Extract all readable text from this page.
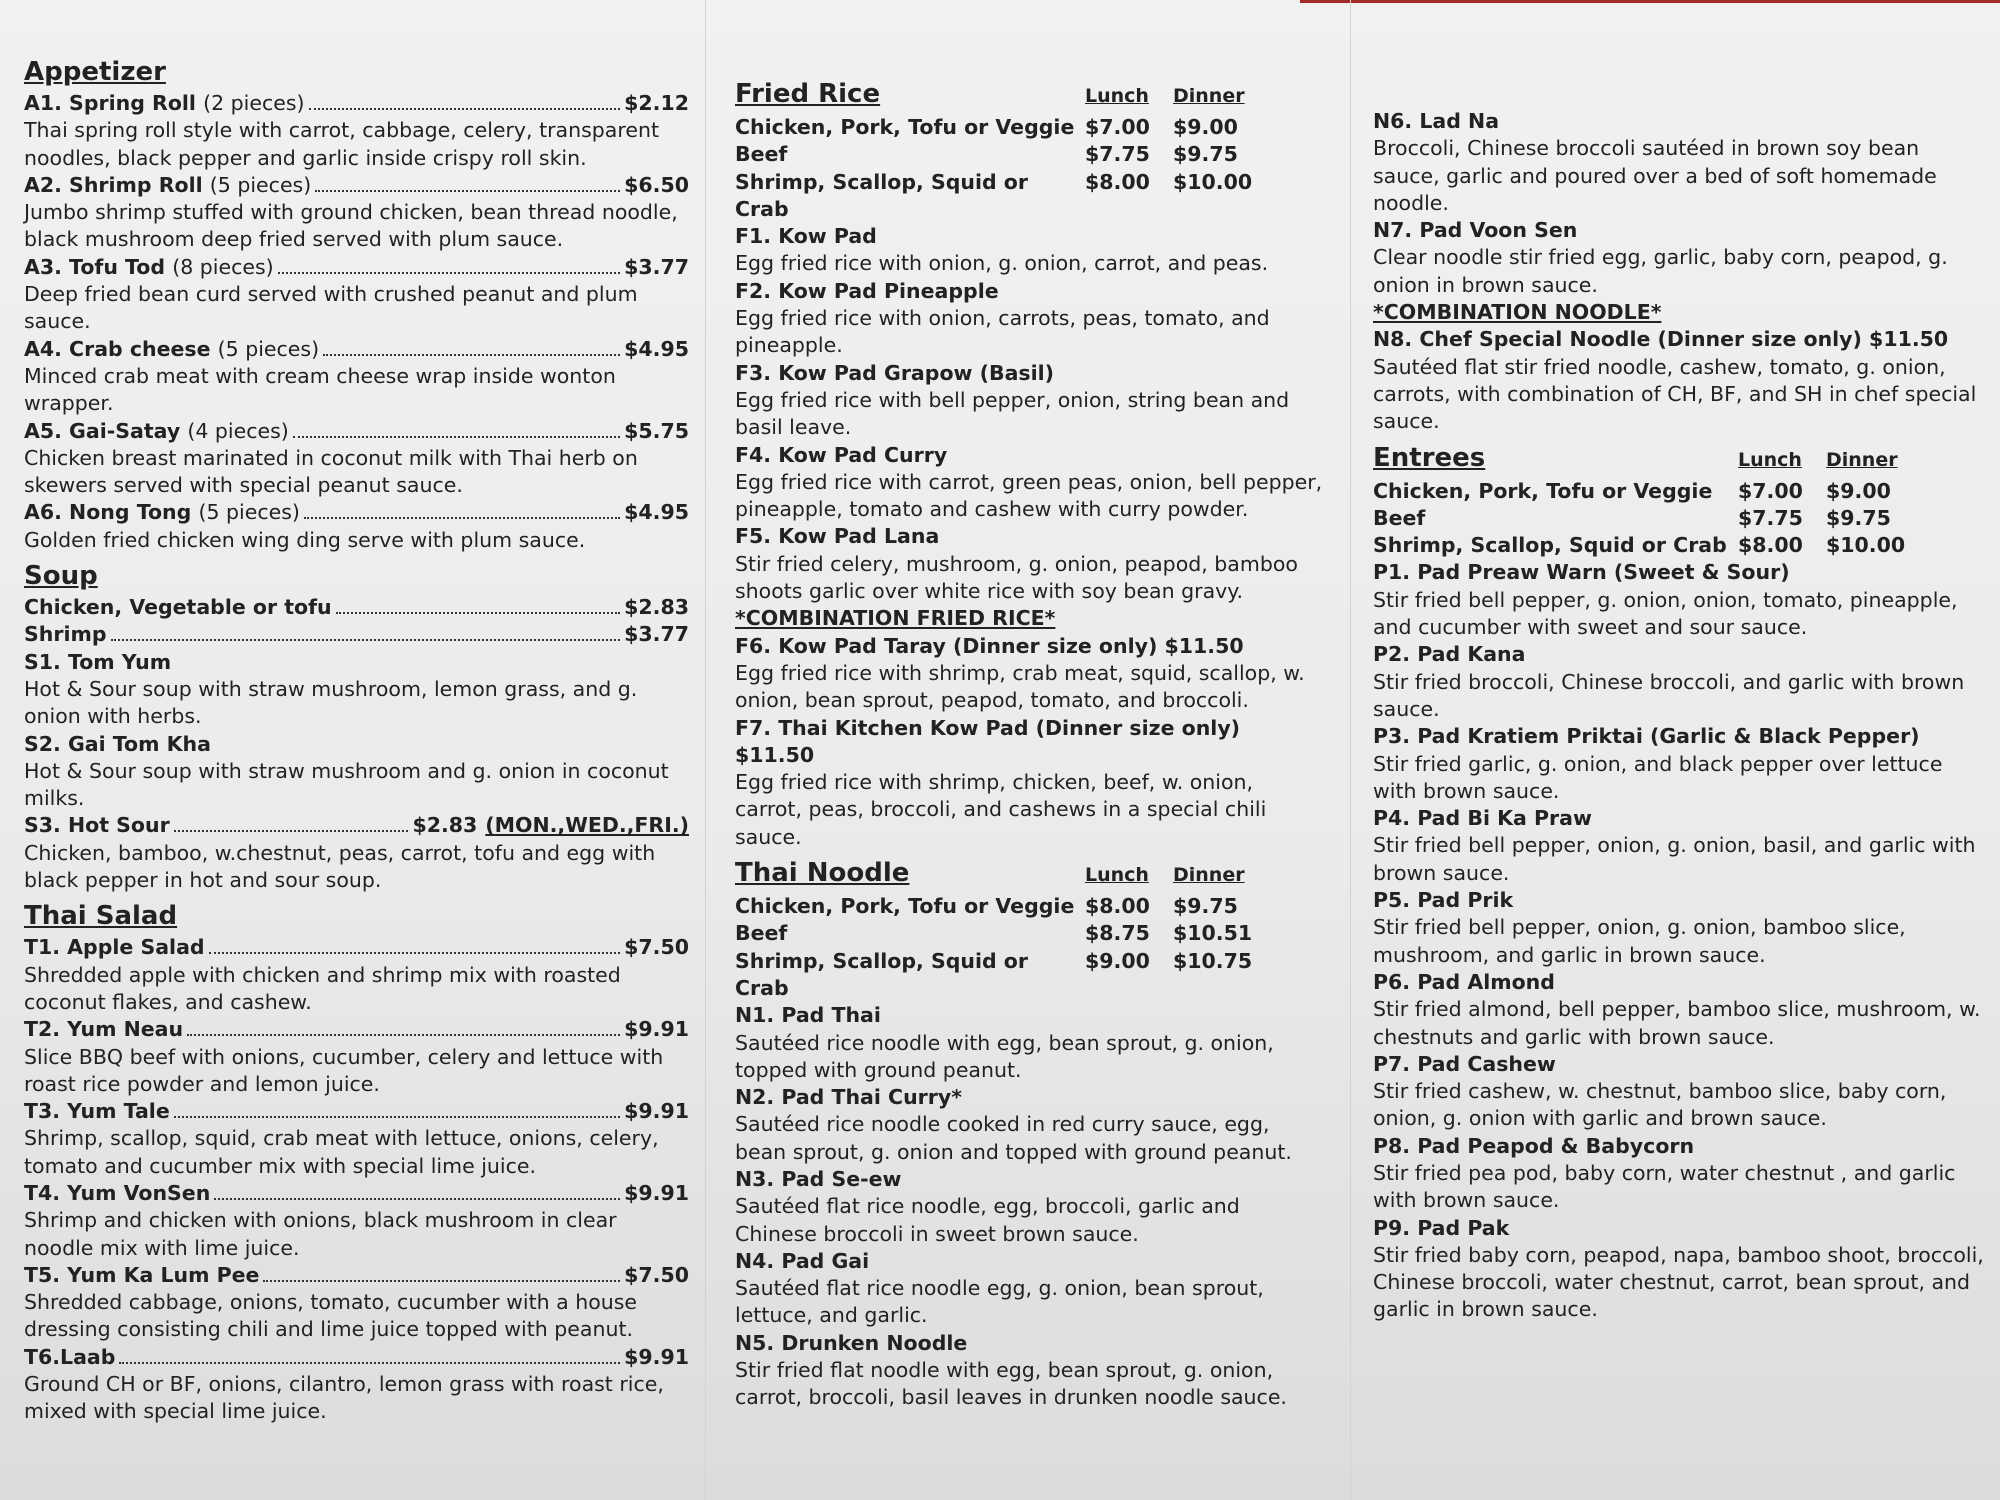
Appetizer
A1. Spring Roll (2 pieces)	$2.12
Thai spring roll style with carrot, cabbage, celery, transparent noodles, black pepper and garlic inside crispy roll skin.
A2. Shrimp Roll (5 pieces)	$6.50
Jumbo shrimp stuffed with ground chicken, bean thread noodle, black mushroom deep fried served with plum sauce.
A3. Tofu Tod (8 pieces)	$3.77
Deep fried bean curd served with crushed peanut and plum sauce.
A4. Crab cheese (5 pieces)	$4.95
Minced crab meat with cream cheese wrap inside wonton wrapper.
A5. Gai-Satay (4 pieces)	$5.75
Chicken breast marinated in coconut milk with Thai herb on skewers served with special peanut sauce.
A6. Nong Tong (5 pieces)	$4.95
Golden fried chicken wing ding serve with plum sauce.
Soup
Chicken, Vegetable or tofu	$2.83
Shrimp	$3.77
S1. Tom Yum
Hot & Sour soup with straw mushroom, lemon grass, and g. onion with herbs.
S2. Gai Tom Kha
Hot & Sour soup with straw mushroom and g. onion in coconut milks.
S3. Hot Sour	$2.83 (MON.,WED.,FRI.)
Chicken, bamboo, w.chestnut, peas, carrot, tofu and egg with black pepper in hot and sour soup.
Thai Salad
T1. Apple Salad	$7.50
Shredded apple with chicken and shrimp mix with roasted coconut flakes, and cashew.
T2. Yum Neau	$9.91
Slice BBQ beef with onions, cucumber, celery and lettuce with roast rice powder and lemon juice.
T3. Yum Tale	$9.91
Shrimp, scallop, squid, crab meat with lettuce, onions, celery, tomato and cucumber mix with special lime juice.
T4. Yum VonSen	$9.91
Shrimp and chicken with onions, black mushroom in clear noodle mix with lime juice.
T5. Yum Ka Lum Pee	$7.50
Shredded cabbage, onions, tomato, cucumber with a house dressing consisting chili and lime juice topped with peanut.
T6.Laab	$9.91
Ground CH or BF, onions, cilantro, lemon grass with roast rice, mixed with special lime juice.
Fried Rice	Lunch	Dinner
Chicken, Pork, Tofu or Veggie $7.00	$9.00
Beef	$7.75	$9.75
Shrimp, Scallop, Squid or Crab
$8.00	$10.00
F1. Kow Pad
Egg fried rice with onion, g. onion, carrot, and peas.
F2. Kow Pad Pineapple
Egg fried rice with onion, carrots, peas, tomato, and pineapple.
F3. Kow Pad Grapow (Basil)
Egg fried rice with bell pepper, onion, string bean and basil leave.
F4. Kow Pad Curry
Egg fried rice with carrot, green peas, onion, bell pepper, pineapple, tomato and cashew with curry powder.
F5. Kow Pad Lana
Stir fried celery, mushroom, g. onion, peapod, bamboo shoots garlic over white rice with soy bean gravy.
*COMBINATION FRIED RICE*
F6. Kow Pad Taray (Dinner size only) $11.50
Egg fried rice with shrimp, crab meat, squid, scallop, w. onion, bean sprout, peapod, tomato, and broccoli.
F7. Thai Kitchen Kow Pad (Dinner size only) $11.50
Egg fried rice with shrimp, chicken, beef, w. onion, carrot, peas, broccoli, and cashews in a special chili sauce.
Thai Noodle	Lunch	Dinner
Chicken, Pork, Tofu or Veggie $8.00	$9.75
Beef	$8.75	$10.51
Shrimp, Scallop, Squid or Crab
$9.00	$10.75
N1. Pad Thai
Sautéed rice noodle with egg, bean sprout, g. onion, topped with ground peanut.
N2. Pad Thai Curry*
Sautéed rice noodle cooked in red curry sauce, egg, bean sprout, g. onion and topped with ground peanut.
N3. Pad Se-ew
Sautéed flat rice noodle, egg, broccoli, garlic and Chinese broccoli in sweet brown sauce.
N4. Pad Gai
Sautéed flat rice noodle egg, g. onion, bean sprout, lettuce, and garlic.
N5. Drunken Noodle
Stir fried flat noodle with egg, bean sprout, g. onion, carrot, broccoli, basil leaves in drunken noodle sauce.
N6. Lad Na
Broccoli, Chinese broccoli sautéed in brown soy bean sauce, garlic and poured over a bed of soft homemade noodle.
N7. Pad Voon Sen
Clear noodle stir fried egg, garlic, baby corn, peapod, g. onion in brown sauce.
*COMBINATION NOODLE*
N8. Chef Special Noodle (Dinner size only) $11.50
Sautéed flat stir fried noodle, cashew, tomato, g. onion, carrots, with combination of CH, BF, and SH in chef special sauce.
Entrees	Lunch	Dinner
Chicken, Pork, Tofu or Veggie	$7.00	$9.00
Beef	$7.75	$9.75
Shrimp, Scallop, Squid or Crab $8.00	$10.00
P1. Pad Preaw Warn (Sweet & Sour)
Stir fried bell pepper, g. onion, onion, tomato, pineapple, and cucumber with sweet and sour sauce.
P2. Pad Kana
Stir fried broccoli, Chinese broccoli, and garlic with brown sauce.
P3. Pad Kratiem Priktai (Garlic & Black Pepper)
Stir fried garlic, g. onion, and black pepper over lettuce with brown sauce.
P4. Pad Bi Ka Praw
Stir fried bell pepper, onion, g. onion, basil, and garlic with brown sauce.
P5. Pad Prik
Stir fried bell pepper, onion, g. onion, bamboo slice, mushroom, and garlic in brown sauce.
P6. Pad Almond
Stir fried almond, bell pepper, bamboo slice, mushroom, w. chestnuts and garlic with brown sauce.
P7. Pad Cashew
Stir fried cashew, w. chestnut, bamboo slice, baby corn, onion, g. onion with garlic and brown sauce.
P8. Pad Peapod & Babycorn
Stir fried pea pod, baby corn, water chestnut , and garlic with brown sauce.
P9. Pad Pak
Stir fried baby corn, peapod, napa, bamboo shoot, broccoli, Chinese broccoli, water chestnut, carrot, bean sprout, and garlic in brown sauce.
